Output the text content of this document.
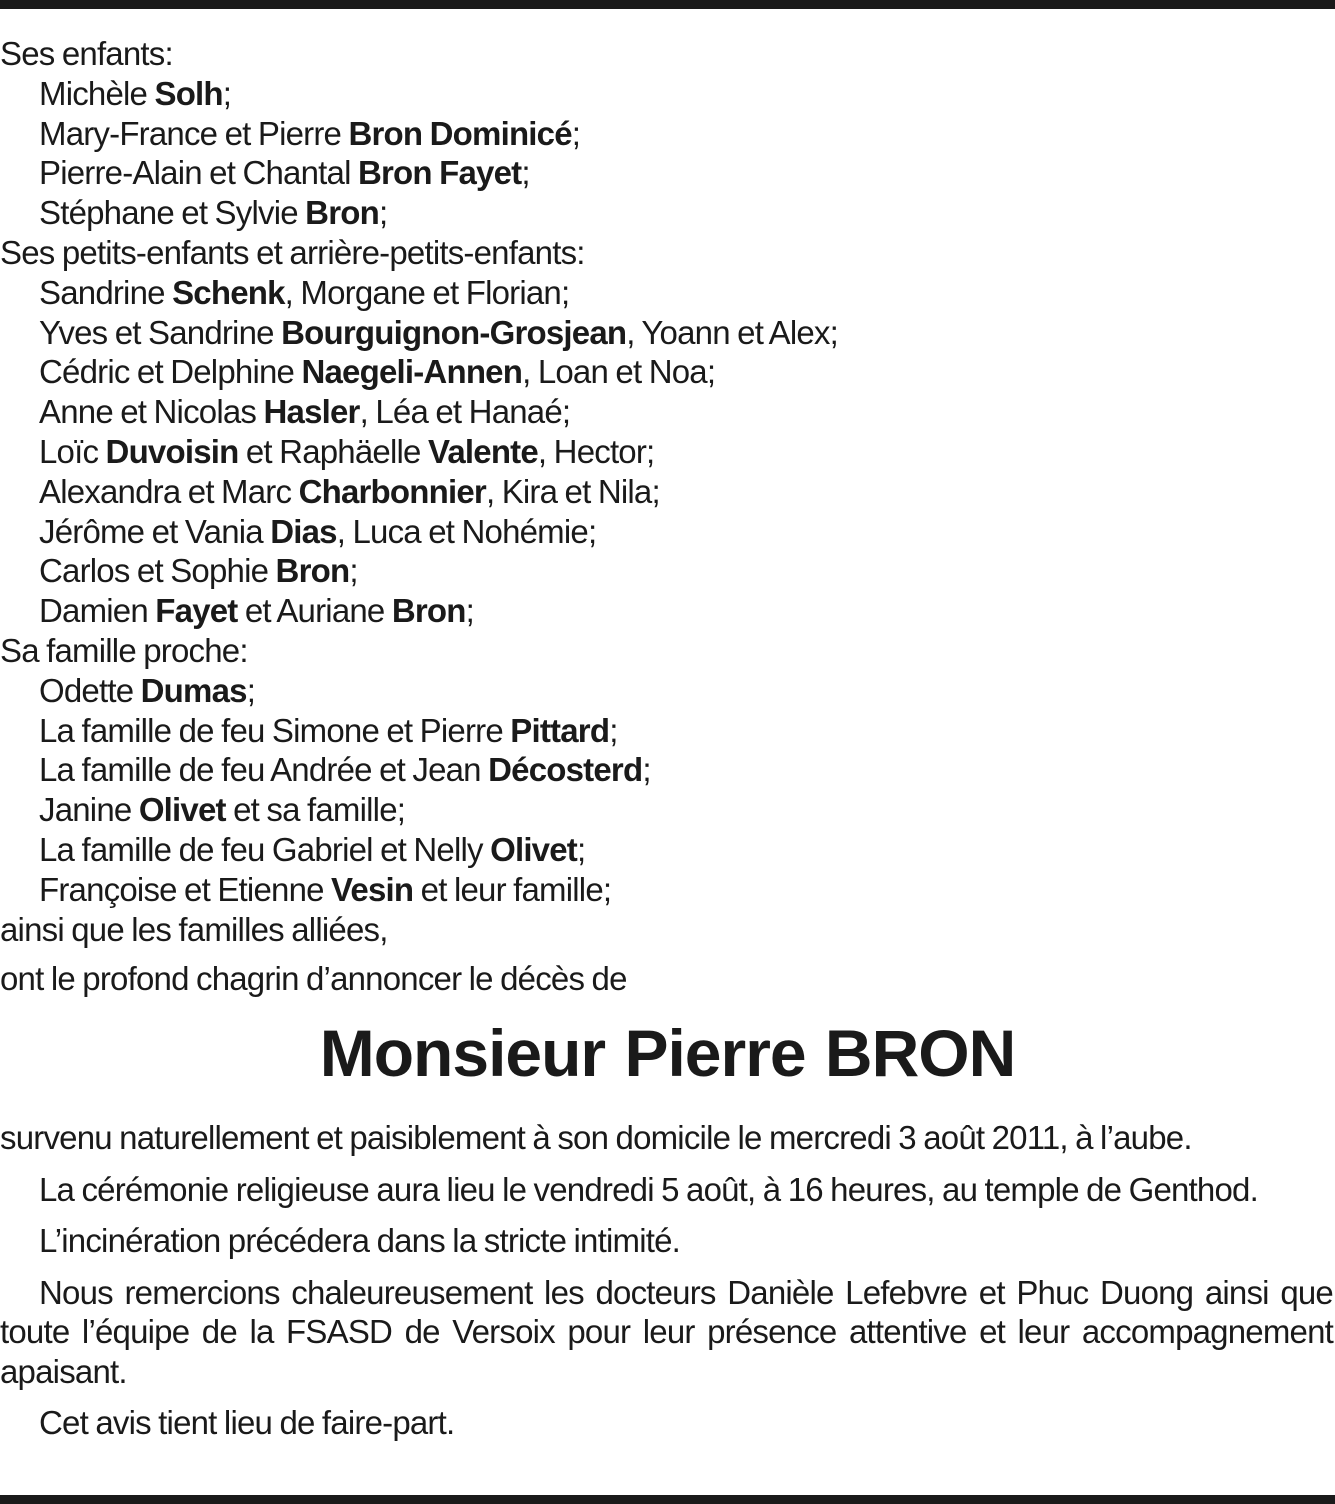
Ses enfants:
Michèle Solh;
Mary-France et Pierre Bron Dominicé;
Pierre-Alain et Chantal Bron Fayet;
Stéphane et Sylvie Bron;
Ses petits-enfants et arrière-petits-enfants:
Sandrine Schenk, Morgane et Florian;
Yves et Sandrine Bourguignon-Grosjean, Yoann et Alex;
Cédric et Delphine Naegeli-Annen, Loan et Noa;
Anne et Nicolas Hasler, Léa et Hanaé;
Loïc Duvoisin et Raphäelle Valente, Hector;
Alexandra et Marc Charbonnier, Kira et Nila;
Jérôme et Vania Dias, Luca et Nohémie;
Carlos et Sophie Bron;
Damien Fayet et Auriane Bron;
Sa famille proche:
Odette Dumas;
La famille de feu Simone et Pierre Pittard;
La famille de feu Andrée et Jean Décosterd;
Janine Olivet et sa famille;
La famille de feu Gabriel et Nelly Olivet;
Françoise et Etienne Vesin et leur famille;
ainsi que les familles alliées,
ont le profond chagrin d’annoncer le décès de
Monsieur Pierre BRON
survenu naturellement et paisiblement à son domicile le mercredi 3 août 2011, à l’aube.
La cérémonie religieuse aura lieu le vendredi 5 août, à 16 heures, au temple de Genthod.
L’incinération précédera dans la stricte intimité.
Nous remercions chaleureusement les docteurs Danièle Lefebvre et Phuc Duong ainsi que toute l’équipe de la FSASD de Versoix pour leur présence attentive et leur accompagnement apaisant.
Cet avis tient lieu de faire-part.
